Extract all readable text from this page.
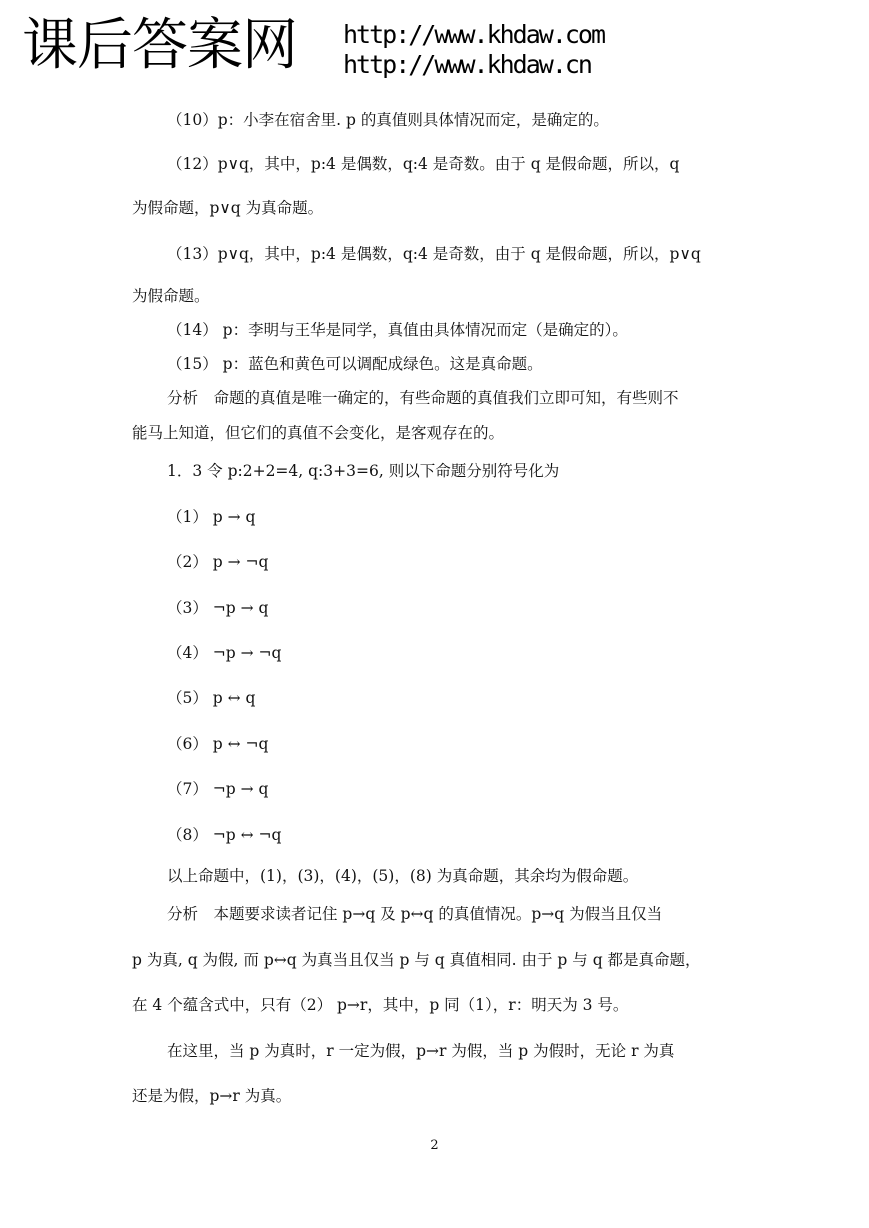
课后答案网 http://www.khdaw.com
http://www.khdaw.cn

（10）p：小李在宿舍里. p 的真值则具体情况而定，是确定的。

（12）p∨q，其中，p:4 是偶数，q:4 是奇数。由于 q 是假命题，所以，q

为假命题，p∨q 为真命题。

（13）p∨q，其中，p:4 是偶数，q:4 是奇数，由于 q 是假命题，所以，p∨q

为假命题。

（14） p：李明与王华是同学，真值由具体情况而定（是确定的）。

（15） p：蓝色和黄色可以调配成绿色。这是真命题。

分析　命题的真值是唯一确定的，有些命题的真值我们立即可知，有些则不

能马上知道，但它们的真值不会变化，是客观存在的。

1．3 令 p:2+2=4, q:3+3=6, 则以下命题分别符号化为

（1） p → q

（2） p → ¬q

（3） ¬p → q

（4） ¬p → ¬q

（5） p ↔ q

（6） p ↔ ¬q

（7） ¬p → q

（8） ¬p ↔ ¬q

以上命题中，(1)，(3)，(4)，(5)，(8) 为真命题，其余均为假命题。

分析　本题要求读者记住 p→q 及 p↔q 的真值情况。p→q 为假当且仅当

p 为真, q 为假, 而 p↔q 为真当且仅当 p 与 q 真值相同. 由于 p 与 q 都是真命题，

在 4 个蕴含式中，只有（2） p→r，其中，p 同（1），r：明天为 3 号。

在这里，当 p 为真时，r 一定为假，p→r 为假，当 p 为假时，无论 r 为真

还是为假，p→r 为真。

2
